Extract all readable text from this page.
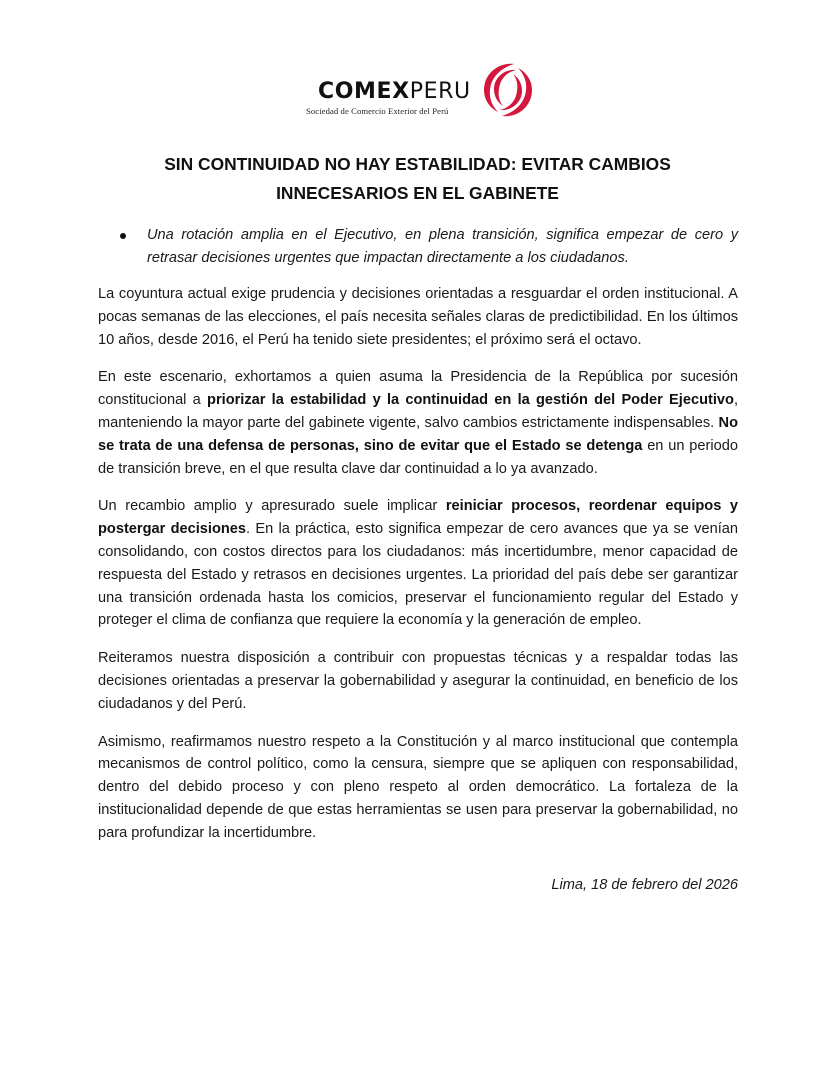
COMEXPERU
Sociedad de Comercio Exterior del Perú
SIN CONTINUIDAD NO HAY ESTABILIDAD: EVITAR CAMBIOS
INNECESARIOS EN EL GABINETE
Una rotación amplia en el Ejecutivo, en plena transición, significa empezar de cero y retrasar decisiones urgentes que impactan directamente a los ciudadanos.

La coyuntura actual exige prudencia y decisiones orientadas a resguardar el orden institucional. A pocas semanas de las elecciones, el país necesita señales claras de predictibilidad. En los últimos 10 años, desde 2016, el Perú ha tenido siete presidentes; el próximo será el octavo.

En este escenario, exhortamos a quien asuma la Presidencia de la República por sucesión constitucional a priorizar la estabilidad y la continuidad en la gestión del Poder Ejecutivo, manteniendo la mayor parte del gabinete vigente, salvo cambios estrictamente indispensables. No se trata de una defensa de personas, sino de evitar que el Estado se detenga en un periodo de transición breve, en el que resulta clave dar continuidad a lo ya avanzado.

Un recambio amplio y apresurado suele implicar reiniciar procesos, reordenar equipos y postergar decisiones. En la práctica, esto significa empezar de cero avances que ya se venían consolidando, con costos directos para los ciudadanos: más incertidumbre, menor capacidad de respuesta del Estado y retrasos en decisiones urgentes. La prioridad del país debe ser garantizar una transición ordenada hasta los comicios, preservar el funcionamiento regular del Estado y proteger el clima de confianza que requiere la economía y la generación de empleo.

Reiteramos nuestra disposición a contribuir con propuestas técnicas y a respaldar todas las decisiones orientadas a preservar la gobernabilidad y asegurar la continuidad, en beneficio de los ciudadanos y del Perú.

Asimismo, reafirmamos nuestro respeto a la Constitución y al marco institucional que contempla mecanismos de control político, como la censura, siempre que se apliquen con responsabilidad, dentro del debido proceso y con pleno respeto al orden democrático. La fortaleza de la institucionalidad depende de que estas herramientas se usen para preservar la gobernabilidad, no para profundizar la incertidumbre.

Lima, 18 de febrero del 2026
